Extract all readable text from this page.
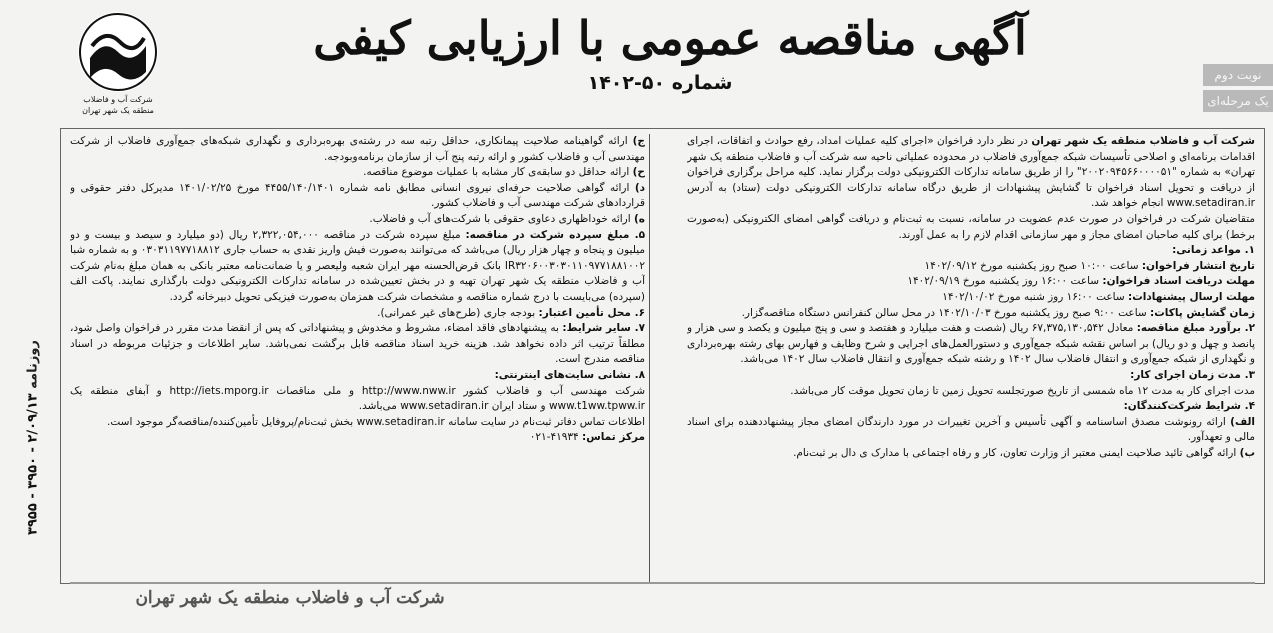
شرکت آب و فاضلاب
منطقه یک شهر تهران
آگهی مناقصه عمومی با ارزیابی کیفی
شماره ۵۰-۱۴۰۲	نوبت دوم
یک مرحله‌ای

شرکت آب و فاضلاب منطقه یک شهر تهران در نظر دارد فراخوان «اجرای کلیه عملیات امداد، رفع حوادث و اتفاقات، اجرای اقدامات برنامه‌ای و اصلاحی تأسیسات شبکه جمع‌آوری فاضلاب در محدوده عملیاتی ناحیه سه شرکت آب و فاضلاب منطقه یک شهر تهران» به شماره "۲۰۰۲۰۹۴۵۶۶۰۰۰۰۵۱" را از طریق سامانه تدارکات الکترونیکی دولت برگزار نماید. کلیه مراحل برگزاری فراخوان از دریافت و تحویل اسناد فراخوان تا گشایش پیشنهادات از طریق درگاه سامانه تدارکات الکترونیکی دولت (ستاد) به آدرس www.setadiran.ir انجام خواهد شد.

متقاضیان شرکت در فراخوان در صورت عدم عضویت در سامانه، نسبت به ثبت‌نام و دریافت گواهی امضای الکترونیکی (به‌صورت برخط) برای کلیه صاحبان امضای مجاز و مهر سازمانی اقدام لازم را به عمل آورند.

۱. مواعد زمانی:

تاریخ انتشار فراخوان: ساعت ۱۰:۰۰ صبح روز یکشنبه مورخ ۱۴۰۲/۰۹/۱۲

مهلت دریافت اسناد فراخوان: ساعت ۱۶:۰۰ روز یکشنبه مورخ ۱۴۰۲/۰۹/۱۹

مهلت ارسال پیشنهادات: ساعت ۱۶:۰۰ روز شنبه مورخ ۱۴۰۲/۱۰/۰۲

زمان گشایش پاکات: ساعت ۹:۰۰ صبح روز یکشنبه مورخ ۱۴۰۲/۱۰/۰۳ در محل سالن کنفرانس دستگاه مناقصه‌گزار.

۲. برآورد مبلغ مناقصه: معادل ۶۷,۳۷۵,۱۳۰,۵۴۲ ریال (شصت و هفت میلیارد و هفتصد و سی و پنج میلیون و یکصد و سی هزار و پانصد و چهل و دو ریال) بر اساس نقشه شبکه جمع‌آوری و دستورالعمل‌های اجرایی و شرح وظایف و فهارس بهای رشته بهره‌برداری و نگهداری از شبکه جمع‌آوری و انتقال فاضلاب سال ۱۴۰۲ و رشته شبکه جمع‌آوری و انتقال فاضلاب سال ۱۴۰۲ می‌باشد.

۳. مدت زمان اجرای کار:

مدت اجرای کار به مدت ۱۲ ماه شمسی از تاریخ صورتجلسه تحویل زمین تا زمان تحویل موقت کار می‌باشد.

۴. شرایط شرکت‌کنندگان:

الف) ارائه رونوشت مصدق اساسنامه و آگهی تأسیس و آخرین تغییرات در مورد دارندگان امضای مجاز پیشنهاددهنده برای اسناد مالی و تعهدآور.

ب) ارائه گواهی تائید صلاحیت ایمنی معتبر از وزارت تعاون، کار و رفاه اجتماعی با مدارک ی دال بر ثبت‌نام.

ج) ارائه گواهینامه صلاحیت پیمانکاری، حداقل رتبه سه در رشته‌ی بهره‌برداری و نگهداری شبکه‌های جمع‌آوری فاضلاب از شرکت مهندسی آب و فاضلاب کشور و ارائه رتبه پنج آب از سازمان برنامه‌وبودجه.

ح) ارائه حداقل دو سابقه‌ی کار مشابه با عملیات موضوع مناقصه.

د) ارائه گواهی صلاحیت حرفه‌ای نیروی انسانی مطابق نامه شماره ۴۴۵۵/۱۴۰/۱۴۰۱ مورخ ۱۴۰۱/۰۲/۲۵ مدیرکل دفتر حقوقی و قراردادهای شرکت مهندسی آب و فاضلاب کشور.

ه) ارائه خوداظهاری دعاوی حقوقی با شرکت‌های آب و فاضلاب.

۵. مبلغ سپرده شرکت در مناقصه: مبلغ سپرده شرکت در مناقصه ۲,۳۲۲,۰۵۴,۰۰۰ ریال (دو میلیارد و سیصد و بیست و دو میلیون و پنجاه و چهار هزار ریال) می‌باشد که می‌توانند به‌صورت فیش واریز نقدی به حساب جاری ۰۳۰۳۱۱۹۷۷۱۸۸۱۲ و به شماره شبا IR۳۲۰۶۰۰۳۰۳۰۱۱۰۹۷۷۱۸۸۱۰۰۲ بانک قرض‌الحسنه مهر ایران شعبه ولیعصر و یا ضمانت‌نامه معتبر بانکی به همان مبلغ به‌نام شرکت آب و فاضلاب منطقه یک شهر تهران تهیه و در بخش تعیین‌شده در سامانه تدارکات الکترونیکی دولت بارگذاری نمایند. پاکت الف (سپرده) می‌بایست با درج شماره مناقصه و مشخصات شرکت همزمان به‌صورت فیزیکی تحویل دبیرخانه گردد.

۶. محل تأمین اعتبار: بودجه جاری (طرح‌های غیر عمرانی).

۷. سایر شرایط: به پیشنهادهای فاقد امضاء، مشروط و مخدوش و پیشنهاداتی که پس از انقضا مدت مقرر در فراخوان واصل شود، مطلقاً ترتیب اثر داده نخواهد شد. هزینه خرید اسناد مناقصه قابل برگشت نمی‌باشد. سایر اطلاعات و جزئیات مربوطه در اسناد مناقصه مندرج است.

۸. نشانی سایت‌های اینترنتی:

شرکت مهندسی آب و فاضلاب کشور http://www.nww.ir و ملی مناقصات http://iets.mporg.ir و آبفای منطقه یک www.t1ww.tpww.ir و ستاد ایران www.setadiran.ir می‌باشد.

اطلاعات تماس دفاتر ثبت‌نام در سایت سامانه www.setadiran.ir بخش ثبت‌نام/پروفایل تأمین‌کننده/مناقصه‌گر موجود است.

مرکز تماس: ۴۱۹۳۴-۰۲۱

روزنامه ۲/۰۹/۱۳ - ۳۹۵۰ - ۳۹۵۵
شرکت آب و فاضلاب منطقه یک شهر تهران
